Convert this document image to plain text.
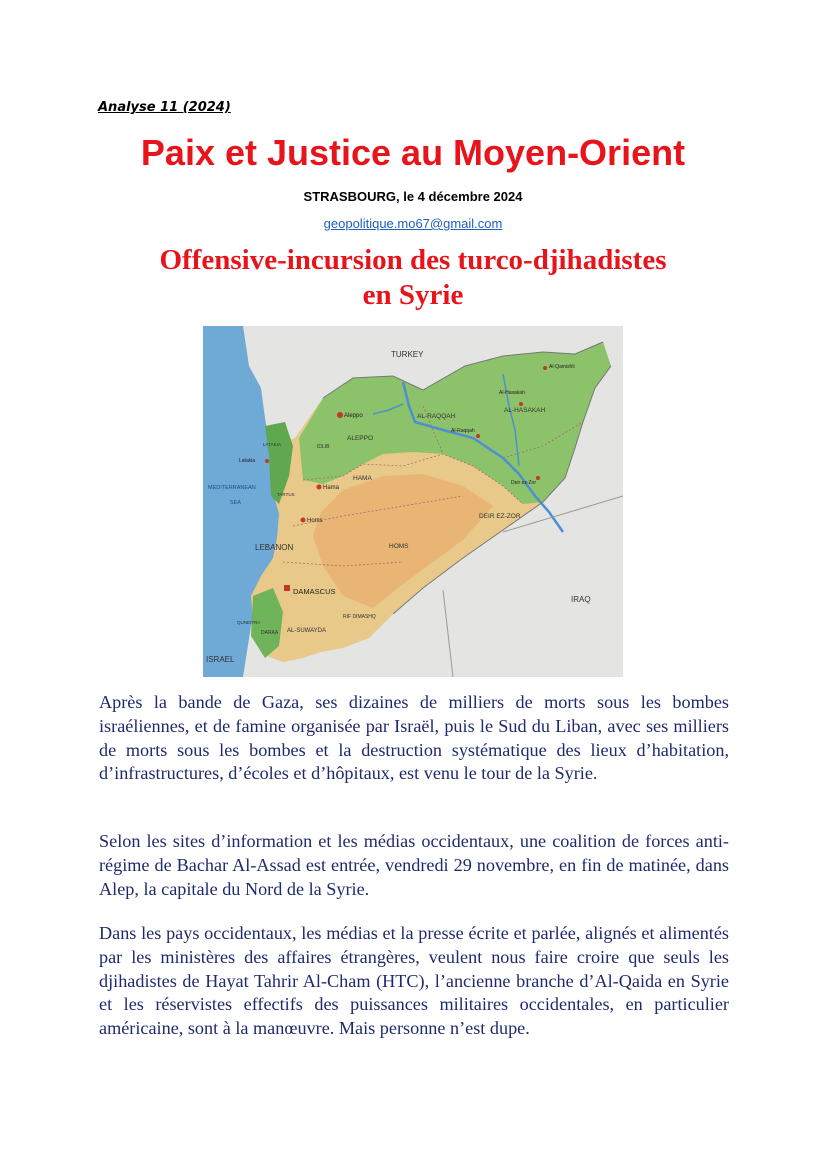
Analyse 11 (2024)
Paix et Justice au Moyen-Orient
STRASBOURG, le 4 décembre 2024
geopolitique.mo67@gmail.com
Offensive-incursion des turco-djihadistes
en Syrie
TURKEY
IRAQ
LEBANON
ISRAEL
MEDITERRANEAN
SEA
DAMASCUS
Aleppo
ALEPPO
Hama
HAMA
Homs
HOMS
IDLIB
Latakia
LATAKIA
TARTUS
AL-RAQQAH
Al-Raqqah
AL-HASAKAH
Al-Hasakah
Al-Qamishli
Deir ez-Zor
DEIR EZ-ZOR
RIF DIMASHQ
AL-SUWAYDA
DARAA
QUNEITRA

Après la bande de Gaza, ses dizaines de milliers de morts sous les bombes israéliennes, et de famine organisée par Israël, puis le Sud du Liban, avec ses milliers de morts sous les bombes et la destruction systématique des lieux d’habitation, d’infrastructures, d’écoles et d’hôpitaux, est venu le tour de la Syrie.

Selon les sites d’information et les médias occidentaux, une coalition de forces anti-régime de Bachar Al-Assad est entrée, vendredi 29 novembre, en fin de matinée, dans Alep, la capitale du Nord de la Syrie.

Dans les pays occidentaux, les médias et la presse écrite et parlée, alignés et alimentés par les ministères des affaires étrangères, veulent nous faire croire que seuls les djihadistes de Hayat Tahrir Al-Cham (HTC), l’ancienne branche d’Al-Qaida en Syrie et les réservistes effectifs des puissances militaires occidentales, en particulier américaine, sont à la manœuvre. Mais personne n’est dupe.
